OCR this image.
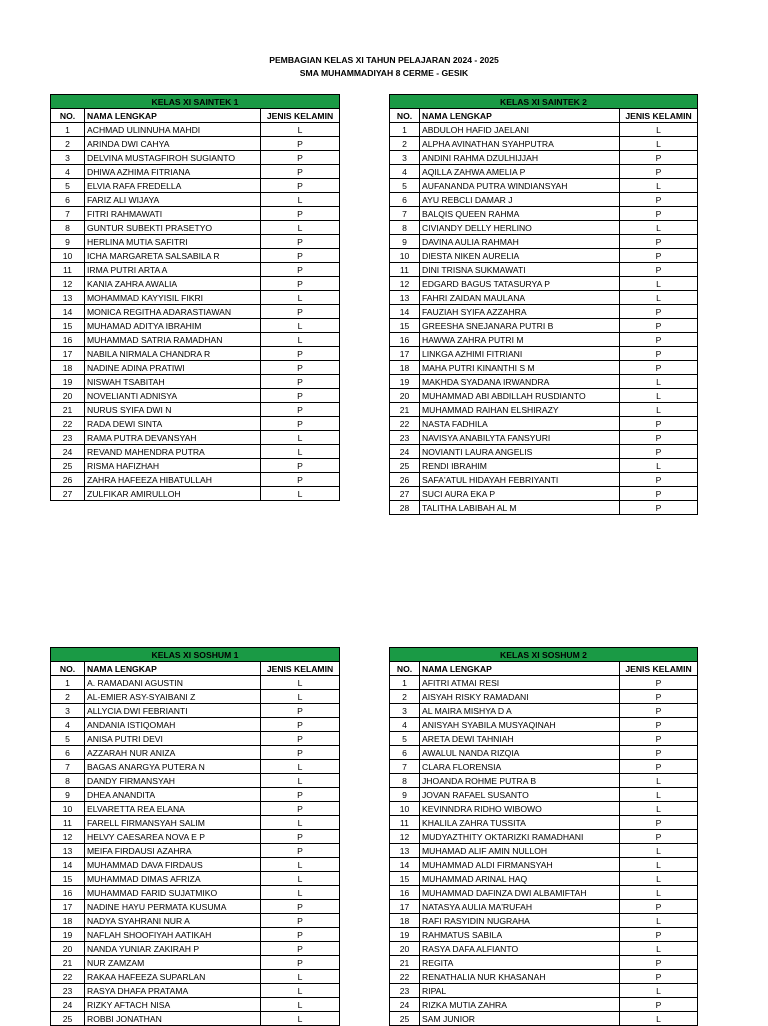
PEMBAGIAN KELAS XI TAHUN PELAJARAN 2024 - 2025
SMA MUHAMMADIYAH 8 CERME - GESIK
KELAS XI SAINTEK 1		
NO.	NAMA LENGKAP	JENIS KELAMIN
1	ACHMAD ULINNUHA MAHDI	L
2	ARINDA DWI CAHYA	P
3	DELVINA MUSTAGFIROH SUGIANTO	P
4	DHIWA AZHIMA FITRIANA	P
5	ELVIA RAFA FREDELLA	P
6	FARIZ ALI WIJAYA	L
7	FITRI RAHMAWATI	P
8	GUNTUR SUBEKTI PRASETYO	L
9	HERLINA MUTIA SAFITRI	P
10	ICHA MARGARETA SALSABILA R	P
11	IRMA PUTRI ARTA A	P
12	KANIA ZAHRA AWALIA	P
13	MOHAMMAD KAYYISIL FIKRI	L
14	MONICA REGITHA ADARASTIAWAN	P
15	MUHAMAD ADITYA IBRAHIM	L
16	MUHAMMAD SATRIA RAMADHAN	L
17	NABILA NIRMALA CHANDRA R	P
18	NADINE ADINA PRATIWI	P
19	NISWAH TSABITAH	P
20	NOVELIANTI ADNISYA	P
21	NURUS SYIFA DWI N	P
22	RADA DEWI SINTA	P
23	RAMA PUTRA DEVANSYAH	L
24	REVAND MAHENDRA PUTRA	L
25	RISMA HAFIZHAH	P
26	ZAHRA HAFEEZA HIBATULLAH	P
27	ZULFIKAR AMIRULLOH	L
KELAS XI SAINTEK 2		
NO.	NAMA LENGKAP	JENIS KELAMIN
1	ABDULOH HAFID JAELANI	L
2	ALPHA AVINATHAN SYAHPUTRA	L
3	ANDINI RAHMA DZULHIJJAH	P
4	AQILLA ZAHWA AMELIA P	P
5	AUFANANDA PUTRA WINDIANSYAH	L
6	AYU REBCLI DAMAR J	P
7	BALQIS QUEEN RAHMA	P
8	CIVIANDY DELLY HERLINO	L
9	DAVINA AULIA RAHMAH	P
10	DIESTA NIKEN AURELIA	P
11	DINI TRISNA SUKMAWATI	P
12	EDGARD BAGUS TATASURYA P	L
13	FAHRI ZAIDAN MAULANA	L
14	FAUZIAH SYIFA AZZAHRA	P
15	GREESHA SNEJANARA PUTRI B	P
16	HAWWA ZAHRA PUTRI M	P
17	LINKGA AZHIMI FITRIANI	P
18	MAHA PUTRI KINANTHI S M	P
19	MAKHDA SYADANA IRWANDRA	L
20	MUHAMMAD ABI ABDILLAH RUSDIANTO	L
21	MUHAMMAD RAIHAN ELSHIRAZY	L
22	NASTA FADHILA	P
23	NAVISYA ANABILYTA FANSYURI	P
24	NOVIANTI LAURA ANGELIS	P
25	RENDI IBRAHIM	L
26	SAFA'ATUL HIDAYAH FEBRIYANTI	P
27	SUCI AURA EKA P	P
28	TALITHA LABIBAH AL M	P
KELAS XI SOSHUM 1		
NO.	NAMA LENGKAP	JENIS KELAMIN
1	A. RAMADANI AGUSTIN	L
2	AL-EMIER ASY-SYAIBANI Z	L
3	ALLYCIA DWI FEBRIANTI	P
4	ANDANIA ISTIQOMAH	P
5	ANISA PUTRI DEVI	P
6	AZZARAH NUR ANIZA	P
7	BAGAS ANARGYA PUTERA N	L
8	DANDY FIRMANSYAH	L
9	DHEA ANANDITA	P
10	ELVARETTA REA ELANA	P
11	FARELL FIRMANSYAH SALIM	L
12	HELVY CAESAREA NOVA E P	P
13	MEIFA FIRDAUSI AZAHRA	P
14	MUHAMMAD DAVA FIRDAUS	L
15	MUHAMMAD DIMAS AFRIZA	L
16	MUHAMMAD FARID SUJATMIKO	L
17	NADINE HAYU PERMATA KUSUMA	P
18	NADYA SYAHRANI NUR A	P
19	NAFLAH SHOOFIYAH AATIKAH	P
20	NANDA YUNIAR ZAKIRAH P	P
21	NUR ZAMZAM	P
22	RAKAA HAFEEZA SUPARLAN	L
23	RASYA DHAFA PRATAMA	L
24	RIZKY AFTACH NISA	L
25	ROBBI JONATHAN	L
KELAS XI SOSHUM 2		
NO.	NAMA LENGKAP	JENIS KELAMIN
1	AFITRI ATMAI RESI	P
2	AISYAH RISKY RAMADANI	P
3	AL MAIRA MISHYA D A	P
4	ANISYAH SYABILA MUSYAQINAH	P
5	ARETA DEWI TAHNIAH	P
6	AWALUL NANDA RIZQIA	P
7	CLARA FLORENSIA	P
8	JHOANDA ROHME PUTRA B	L
9	JOVAN RAFAEL SUSANTO	L
10	KEVINNDRA RIDHO WIBOWO	L
11	KHALILA ZAHRA TUSSITA	P
12	MUDYAZTHITY OKTARIZKI RAMADHANI	P
13	MUHAMAD ALIF AMIN NULLOH	L
14	MUHAMMAD ALDI FIRMANSYAH	L
15	MUHAMMAD ARINAL HAQ	L
16	MUHAMMAD DAFINZA DWI ALBAMIFTAH	L
17	NATASYA AULIA MA'RUFAH	P
18	RAFI RASYIDIN NUGRAHA	L
19	RAHMATUS SABILA	P
20	RASYA DAFA ALFIANTO	L
21	REGITA	P
22	RENATHALIA NUR KHASANAH	P
23	RIPAL	L
24	RIZKA MUTIA ZAHRA	P
25	SAM JUNIOR	L
